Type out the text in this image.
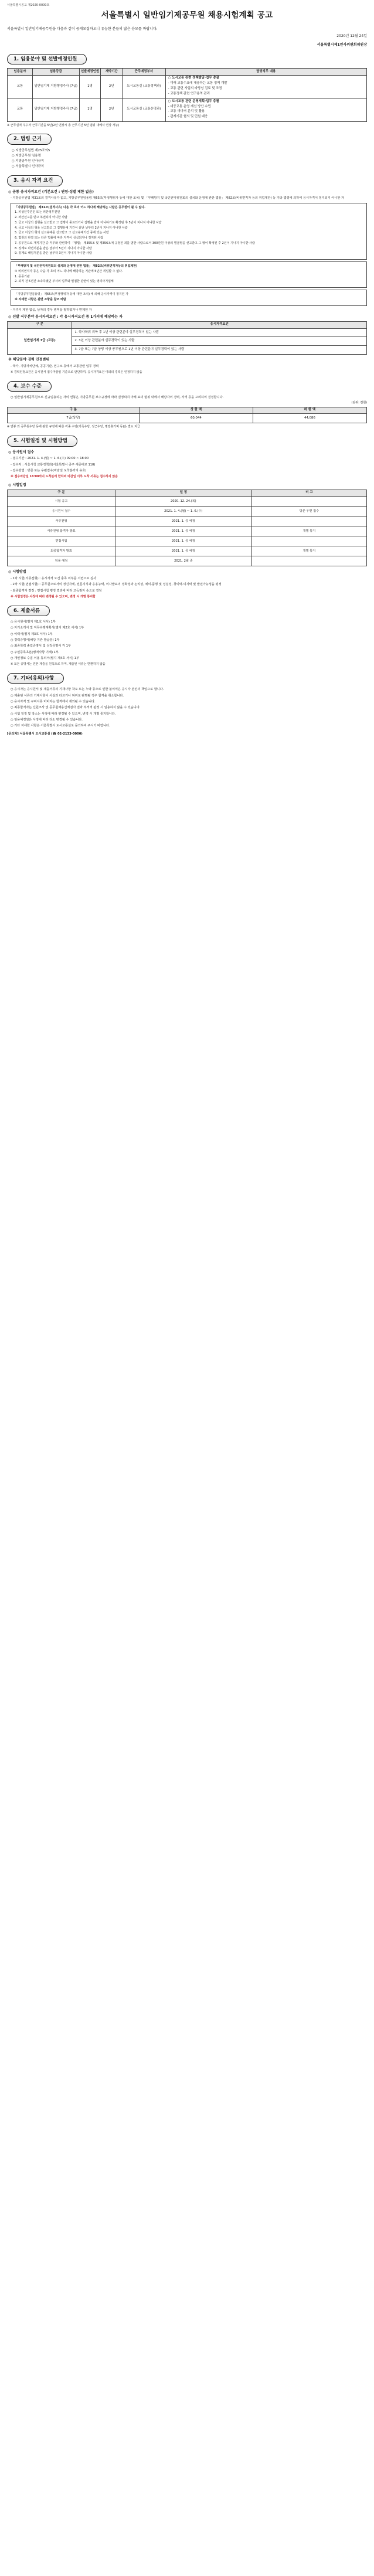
서울특별시공고 제2020-0000호
서울특별시 일반임기제공무원 채용시험계획 공고
서울특별시 일반임기제공무원을 다음과 같이 공개모집하오니 유능한 분들의 많은 응모를 바랍니다.
2020년 12월 24일
서울특별시제1인사위원회위원장
1. 임용분야 및 선발예정인원
임용분야	임용등급	선발예정인원	계약기간	근무예정부서	담당직무 내용
교통	일반임기제 지방행정주사 (7급)	1명	2년	도시교통실 (교통정책과)	○ 도시교통 관련 정책발굴·업무 총괄
- 미래 교통수요에 대응하는 교통 정책 개발
- 교통 관련 사업의 타당성 검토 및 조정
- 교통정책 관련 연구용역 관리

교통	일반임기제 지방행정주사 (7급)	1명	2년	도시교통실 (교통운영과)	○ 도시교통 관련 운영계획·업무 총괄
- 대중교통 운영 개선 방안 수립
- 교통 데이터 분석 및 활용
- 관계기관 협의 및 민원 대응
※ 근무실적 우수자 근무기간을 5년(2년 연장시 총 근무기간 5년 범위 내에서 연장 가능)
2. 법령 근거
○ 지방공무원법 제25조의5
○ 지방공무원 임용령
○ 지방공무원 인사규칙
○ 서울특별시 인사규칙
3. 응시 자격 요건
◎ 공통 응시자격요건 (기본요건 : 연령·성별 제한 없음)
- 지방공무원법 제31조의 결격사유가 없고, 지방공무원임용령 제65조(부정행위자 등에 대한 조치) 및 「부패방지 및 국민권익위원회의 설치와 운영에 관한 법률」 제82조(비위면직자 등의 취업제한) 등 기타 법령에 의하여 응시자격이 정지되지 아니한 자

「지방공무원법」 제31조(결격사유) 다음 각 호의 어느 하나에 해당하는 사람은 공무원이 될 수 없다.

1. 피성년후견인 또는 피한정후견인

2. 파산선고를 받고 복권되지 아니한 사람

3. 금고 이상의 실형을 선고받고 그 집행이 종료되거나 집행을 받지 아니하기로 확정된 후 5년이 지나지 아니한 사람

4. 금고 이상의 형을 선고받고 그 집행유예 기간이 끝난 날부터 2년이 지나지 아니한 사람

5. 금고 이상의 형의 선고유예를 선고받고 그 선고유예기간 중에 있는 사람

6. 법원의 판결 또는 다른 법률에 따라 자격이 상실되거나 정지된 사람

7. 공무원으로 재직기간 중 직무와 관련하여 「형법」 제355조 및 제356조에 규정된 죄를 범한 사람으로서 300만원 이상의 벌금형을 선고받고 그 형이 확정된 후 2년이 지나지 아니한 사람

8. 징계로 파면처분을 받은 날부터 5년이 지나지 아니한 사람

9. 징계로 해임처분을 받은 날부터 3년이 지나지 아니한 사람

「부패방지 및 국민권익위원회의 설치와 운영에 관한 법률」 제82조(비위면직자등의 취업제한)

① 비위면직자 등은 다음 각 호의 어느 하나에 해당하는 기관에 5년간 취업할 수 없다.

1. 공공기관

2. 퇴직 전 5년간 소속하였던 부서의 업무와 밀접한 관련이 있는 영리사기업체

「지방공무원임용령」 제65조(부정행위자 등에 대한 조치) 에 의해 응시자격이 정지된 자

※ 자세한 사항은 관련 조항을 참조 바람

- 거주지 제한 없음, 남자의 경우 병역을 필하였거나 면제된 자
◎ 선발 직무분야 응시자격요건 : 각 응시자격요건 중 1가지에 해당하는 자
구 분	응시자격요건
일반임기제 7급 (교통)	1. 학사학위 취득 후 1년 이상 관련분야 실무경력이 있는 사람
2. 3년 이상 관련분야 실무경력이 있는 사람
3. 7급 또는 7급 상당 이상 공무원으로 1년 이상 관련분야 실무경력이 있는 사람
※ 해당분야 경력 인정범위
- 국가, 지방자치단체, 공공기관, 연구소 등에서 교통관련 업무 경력
※ 경력인정요건은 응시원서 접수마감일 기준으로 판단하며, 응시자격요건 이외의 경력은 인정하지 않음
4. 보수 수준
○ 일반임기제공무원으로 신규임용되는 자의 연봉은 지방공무원 보수규정에 따라 결정되며 아래 표의 범위 내에서 해당자의 경력, 자격 등을 고려하여 결정합니다.
(단위: 천원)
구 분	상 한 액	하 한 액
7급(상당)	60,044	44,086
※ 연봉 외 공무원수당 등에 관한 규정에 따른 각종 수당(가족수당, 정근수당, 명절휴가비 등)은 별도 지급
5. 시험일정 및 시험방법
◎ 응시원서 접수
- 접수기간 : 2021. 1. 4.(월) ~ 1. 6.(수) 09:00 ~ 18:00
- 접수처 : 서울시청 교통정책과(서울특별시 중구 세종대로 110)
- 접수방법 : 방문 또는 우편접수(마감일 도착분까지 유효)
※ 접수마감일 18:00까지 도착분에 한하며 마감일 이후 도착 서류는 접수하지 않음
◎ 시험일정
구 분	일 정	비 고
시험 공고	2020. 12. 24.(목)	
응시원서 접수	2021. 1. 4.(월) ~ 1. 6.(수)	방문·우편 접수
서류전형	2021. 1. 중 예정	
서류전형 합격자 발표	2021. 1. 중 예정	개별 통지
면접시험	2021. 1. 중 예정	
최종합격자 발표	2021. 1. 중 예정	개별 통지
임용 예정	2021. 2월 중	
◎ 시험방법
- 1차 시험(서류전형) : 응시자격 요건 충족 여부를 서면으로 심사
- 2차 시험(면접시험) : 공무원으로서의 정신자세, 전문지식과 응용능력, 의사발표의 정확성과 논리성, 예의·품행 및 성실성, 창의력·의지력 및 발전가능성을 평정
- 최종합격자 결정 : 면접시험 평정 결과에 따라 고득점자 순으로 결정
※ 시험일정은 사정에 따라 변경될 수 있으며, 변경 시 개별 통지함
6. 제출서류
○ 응시원서(별지 제1호 서식) 1부
○ 자기소개서 및 직무수행계획서(별지 제2호 서식) 1부
○ 이력서(별지 제3호 서식) 1부
○ 경력증명서(해당 기관 발급분) 1부
○ 최종학력 졸업증명서 및 성적증명서 각 1부
○ 주민등록초본(병적사항 기재) 1부
○ 개인정보 수집·이용 동의서(별지 제4호 서식) 1부
※ 모든 증명서는 원본 제출을 원칙으로 하며, 제출된 서류는 반환하지 않음
7. 기타(유의)사항
○ 응시자는 응시원서 및 제출서류의 기재사항 착오 또는 누락 등으로 인한 불이익은 응시자 본인의 책임으로 합니다.
○ 제출된 서류의 기재사항이 사실과 다르거나 허위로 판명될 경우 합격을 취소합니다.
○ 응시자격 및 구비서류 미비자는 합격에서 제외될 수 있습니다.
○ 최종합격자는 신원조사 및 공무원채용신체검사 결과 부적격 판정 시 임용하지 않을 수 있습니다.
○ 시험 일정 및 장소는 사정에 따라 변경될 수 있으며, 변경 시 개별 통지합니다.
○ 임용예정일은 사정에 따라 다소 변경될 수 있습니다.
○ 기타 자세한 사항은 서울특별시 도시교통실로 문의하여 주시기 바랍니다.
[문의처] 서울특별시 도시교통실 (☎ 02-2133-0000)
